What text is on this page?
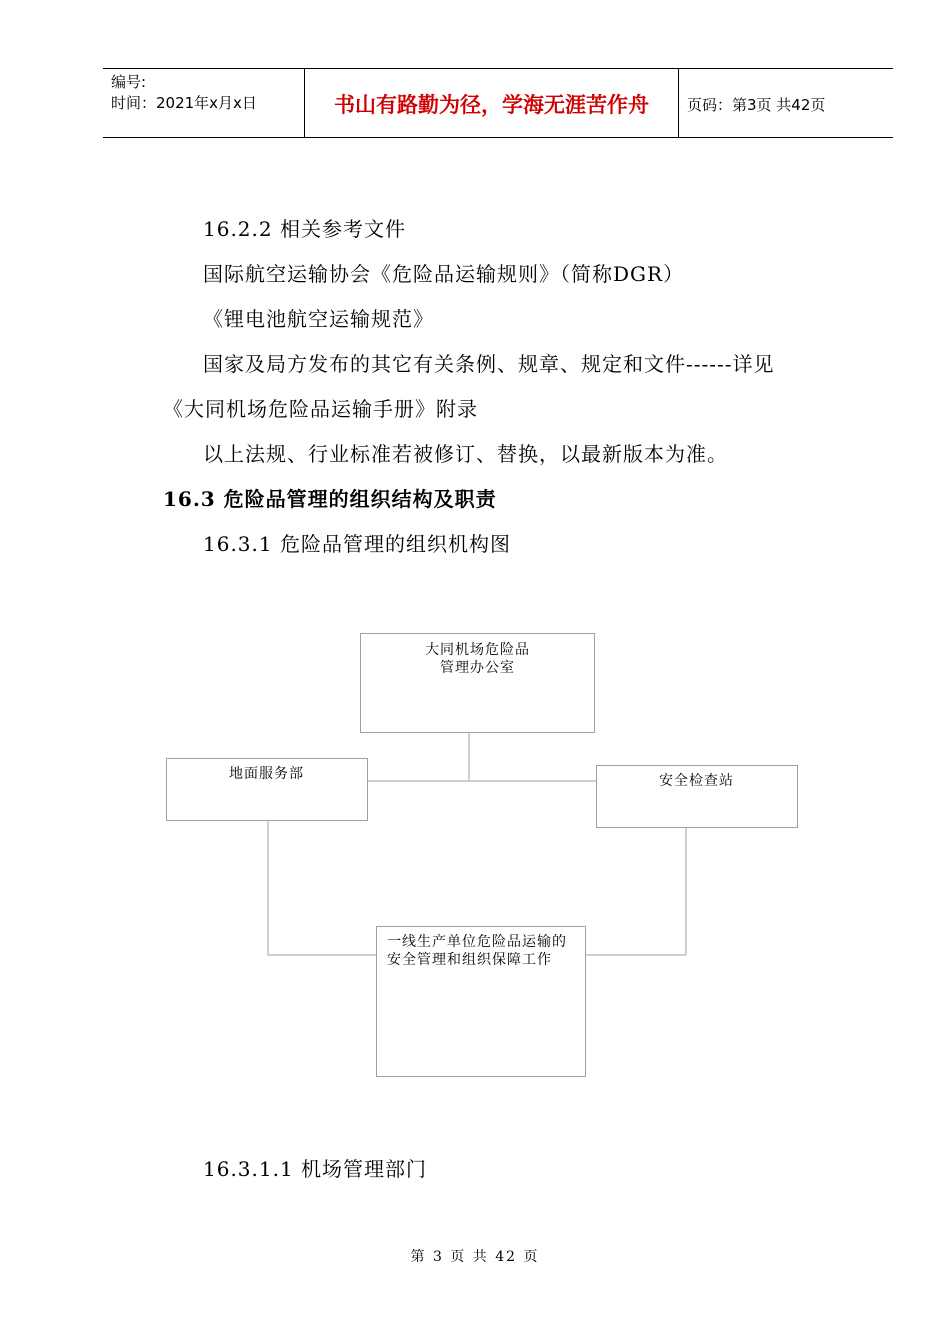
编号:
时间：2021年x月x日	书山有路勤为径，学海无涯苦作舟	页码：第3页 共42页
16.2.2 相关参考文件
国际航空运输协会《危险品运输规则》（简称DGR）
《锂电池航空运输规范》
国家及局方发布的其它有关条例、规章、规定和文件------详见
《大同机场危险品运输手册》附录
以上法规、行业标准若被修订、替换，以最新版本为准。
16.3 危险品管理的组织结构及职责
16.3.1 危险品管理的组织机构图
大同机场危险品
管理办公室
地面服务部	安全检查站
一线生产单位危险品运输的安全管理和组织保障工作
16.3.1.1 机场管理部门
第 3 页 共 42 页
